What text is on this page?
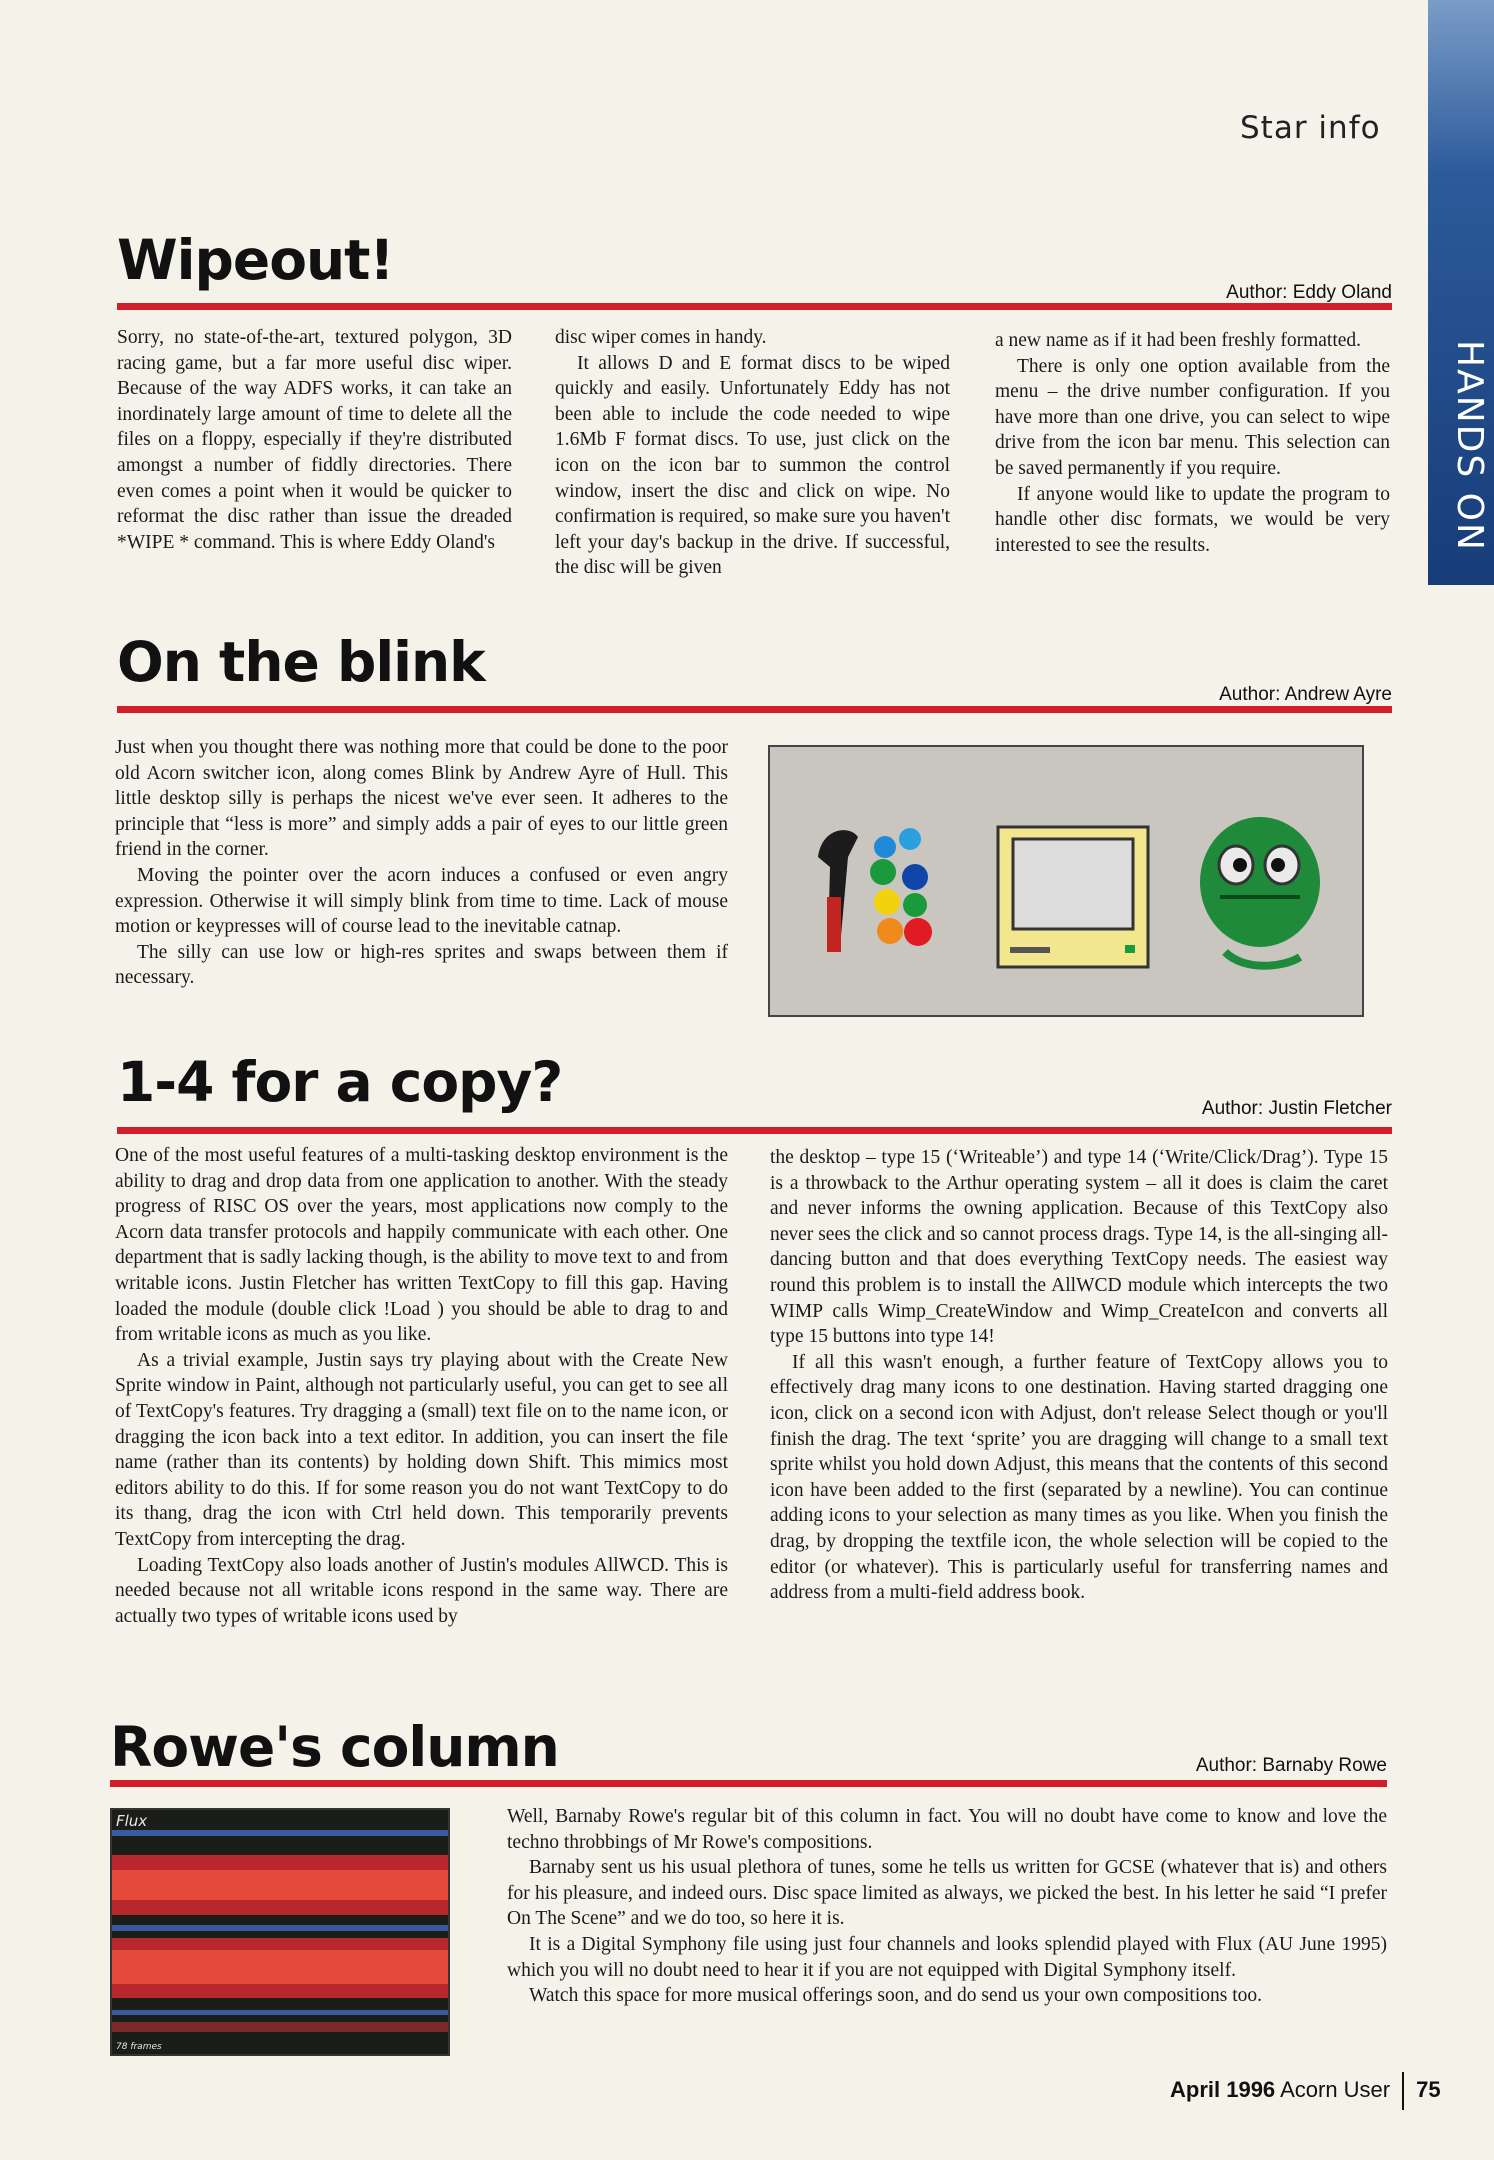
Star info
HANDS ON
Wipeout!
Author: Eddy Oland

Sorry, no state-of-the-art, textured polygon, 3D racing game, but a far more useful disc wiper. Because of the way ADFS works, it can take an inordinately large amount of time to delete all the files on a floppy, especially if they're distributed amongst a number of fiddly directories. There even comes a point when it would be quicker to reformat the disc rather than issue the dreaded *WIPE * command. This is where Eddy Oland's

disc wiper comes in handy.

It allows D and E format discs to be wiped quickly and easily. Unfortunately Eddy has not been able to include the code needed to wipe 1.6Mb F format discs. To use, just click on the icon on the icon bar to summon the control window, insert the disc and click on wipe. No confirmation is required, so make sure you haven't left your day's backup in the drive. If successful, the disc will be given

a new name as if it had been freshly formatted.

There is only one option available from the menu – the drive number configuration. If you have more than one drive, you can select to wipe drive from the icon bar menu. This selection can be saved permanently if you require.

If anyone would like to update the program to handle other disc formats, we would be very interested to see the results.

On the blink
Author: Andrew Ayre

Just when you thought there was nothing more that could be done to the poor old Acorn switcher icon, along comes Blink by Andrew Ayre of Hull. This little desktop silly is perhaps the nicest we've ever seen. It adheres to the principle that “less is more” and simply adds a pair of eyes to our little green friend in the corner.

Moving the pointer over the acorn induces a confused or even angry expression. Otherwise it will simply blink from time to time. Lack of mouse motion or keypresses will of course lead to the inevitable catnap.

The silly can use low or high-res sprites and swaps between them if necessary.

1-4 for a copy?	Author: Justin Fletcher

One of the most useful features of a multi-tasking desktop environment is the ability to drag and drop data from one application to another. With the steady progress of RISC OS over the years, most applications now comply to the Acorn data transfer protocols and happily communicate with each other. One department that is sadly lacking though, is the ability to move text to and from writable icons. Justin Fletcher has written TextCopy to fill this gap. Having loaded the module (double click !Load ) you should be able to drag to and from writable icons as much as you like.

As a trivial example, Justin says try playing about with the Create New Sprite window in Paint, although not particularly useful, you can get to see all of TextCopy's features. Try dragging a (small) text file on to the name icon, or dragging the icon back into a text editor. In addition, you can insert the file name (rather than its contents) by holding down Shift. This mimics most editors ability to do this. If for some reason you do not want TextCopy to do its thang, drag the icon with Ctrl held down. This temporarily prevents TextCopy from intercepting the drag.

Loading TextCopy also loads another of Justin's modules AllWCD. This is needed because not all writable icons respond in the same way. There are actually two types of writable icons used by

the desktop – type 15 (‘Writeable’) and type 14 (‘Write/Click/Drag’). Type 15 is a throwback to the Arthur operating system – all it does is claim the caret and never informs the owning application. Because of this TextCopy also never sees the click and so cannot process drags. Type 14, is the all-singing all-dancing button and that does everything TextCopy needs. The easiest way round this problem is to install the AllWCD module which intercepts the two WIMP calls Wimp_CreateWindow and Wimp_CreateIcon and converts all type 15 buttons into type 14!

If all this wasn't enough, a further feature of TextCopy allows you to effectively drag many icons to one destination. Having started dragging one icon, click on a second icon with Adjust, don't release Select though or you'll finish the drag. The text ‘sprite’ you are dragging will change to a small text sprite whilst you hold down Adjust, this means that the contents of this second icon have been added to the first (separated by a newline). You can continue adding icons to your selection as many times as you like. When you finish the drag, by dropping the textfile icon, the whole selection will be copied to the editor (or whatever). This is particularly useful for transferring names and address from a multi-field address book.

Rowe's column	Author: Barnaby Rowe
Flux
78 frames

Well, Barnaby Rowe's regular bit of this column in fact. You will no doubt have come to know and love the techno throbbings of Mr Rowe's compositions.

Barnaby sent us his usual plethora of tunes, some he tells us written for GCSE (whatever that is) and others for his pleasure, and indeed ours. Disc space limited as always, we picked the best. In his letter he said “I prefer On The Scene” and we do too, so here it is.

It is a Digital Symphony file using just four channels and looks splendid played with Flux (AU June 1995) which you will no doubt need to hear it if you are not equipped with Digital Symphony itself.

Watch this space for more musical offerings soon, and do send us your own compositions too.

April 1996 Acorn User 75
